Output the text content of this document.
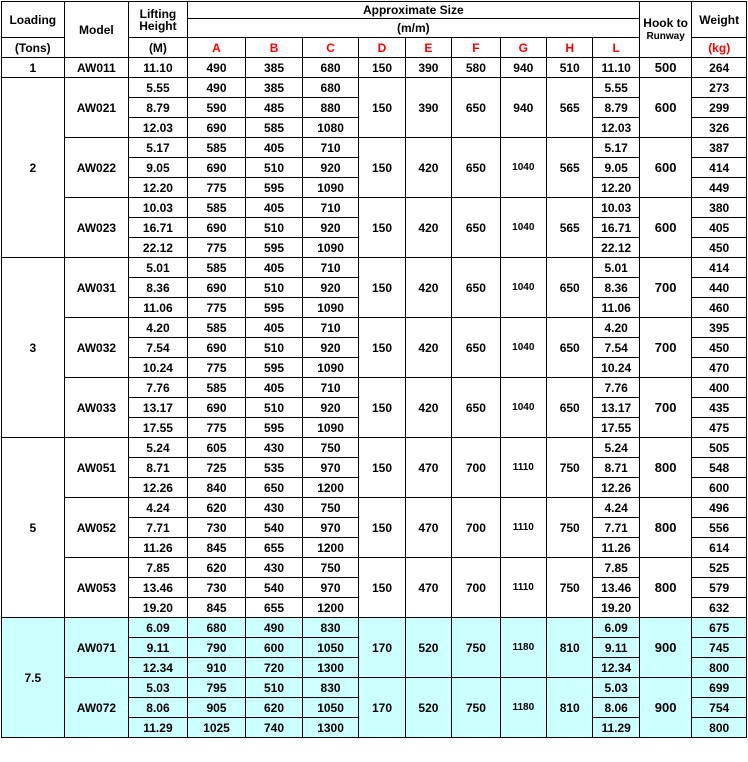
Loading	Model	Lifting
Height	Approximate Size									Hook to
Runway	Weight
			(m/m)										
(Tons)		(M)	A	B	C	D	E	F	G	H	L		(kg)
1	AW011	11.10	490	385	680	150	390	580	940	510	11.10	500	264
2	AW021	5.55	490	385	680	150	390	650	940	565	5.55	600	273
		8.79	590	485	880						8.79		299
		12.03	690	585	1080						12.03		326
	AW022	5.17	585	405	710	150	420	650	1040	565	5.17	600	387
		9.05	690	510	920						9.05		414
		12.20	775	595	1090						12.20		449
	AW023	10.03	585	405	710	150	420	650	1040	565	10.03	600	380
		16.71	690	510	920						16.71		405
		22.12	775	595	1090						22.12		450
3	AW031	5.01	585	405	710	150	420	650	1040	650	5.01	700	414
		8.36	690	510	920						8.36		440
		11.06	775	595	1090						11.06		460
	AW032	4.20	585	405	710	150	420	650	1040	650	4.20	700	395
		7.54	690	510	920						7.54		450
		10.24	775	595	1090						10.24		470
	AW033	7.76	585	405	710	150	420	650	1040	650	7.76	700	400
		13.17	690	510	920						13.17		435
		17.55	775	595	1090						17.55		475
5	AW051	5.24	605	430	750	150	470	700	1110	750	5.24	800	505
		8.71	725	535	970						8.71		548
		12.26	840	650	1200						12.26		600
	AW052	4.24	620	430	750	150	470	700	1110	750	4.24	800	496
		7.71	730	540	970						7.71		556
		11.26	845	655	1200						11.26		614
	AW053	7.85	620	430	750	150	470	700	1110	750	7.85	800	525
		13.46	730	540	970						13.46		579
		19.20	845	655	1200						19.20		632
7.5	AW071	6.09	680	490	830	170	520	750	1180	810	6.09	900	675
		9.11	790	600	1050						9.11		745
		12.34	910	720	1300						12.34		800
	AW072	5.03	795	510	830	170	520	750	1180	810	5.03	900	699
		8.06	905	620	1050						8.06		754
		11.29	1025	740	1300						11.29		800
